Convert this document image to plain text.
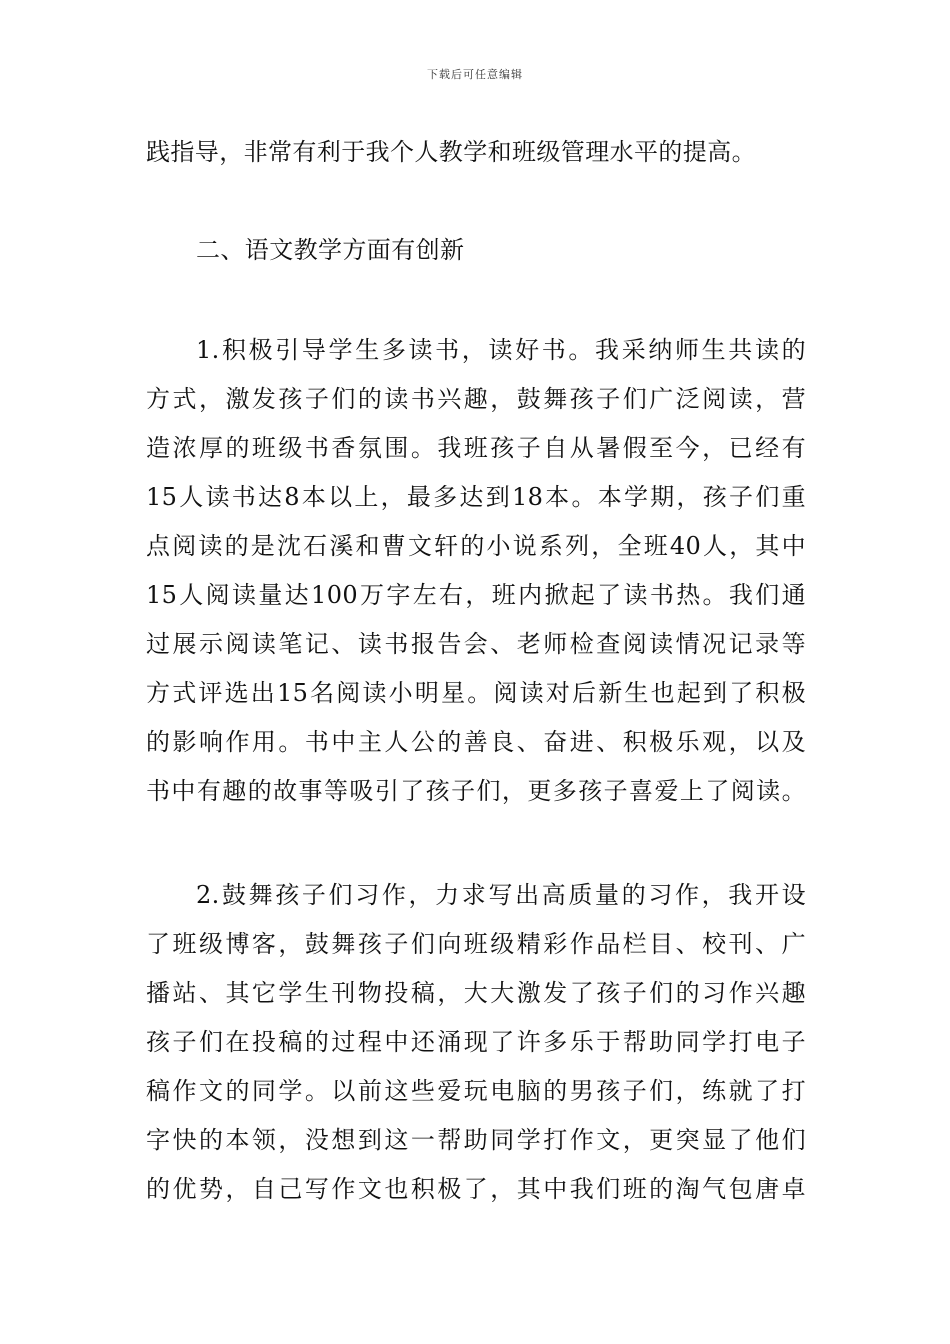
下载后可任意编辑
践指导，非常有利于我个人教学和班级管理水平的提高。
二、语文教学方面有创新
1.积极引导学生多读书，读好书。我采纳师生共读的
方式，激发孩子们的读书兴趣，鼓舞孩子们广泛阅读，营
造浓厚的班级书香氛围。我班孩子自从暑假至今，已经有
15人读书达8本以上，最多达到18本。本学期，孩子们重
点阅读的是沈石溪和曹文轩的小说系列，全班40人，其中
15人阅读量达100万字左右，班内掀起了读书热。我们通
过展示阅读笔记、读书报告会、老师检查阅读情况记录等
方式评选出15名阅读小明星。阅读对后新生也起到了积极
的影响作用。书中主人公的善良、奋进、积极乐观，以及
书中有趣的故事等吸引了孩子们，更多孩子喜爱上了阅读。
2.鼓舞孩子们习作，力求写出高质量的习作，我开设
了班级博客，鼓舞孩子们向班级精彩作品栏目、校刊、广
播站、其它学生刊物投稿，大大激发了孩子们的习作兴趣
孩子们在投稿的过程中还涌现了许多乐于帮助同学打电子
稿作文的同学。以前这些爱玩电脑的男孩子们，练就了打
字快的本领，没想到这一帮助同学打作文，更突显了他们
的优势，自己写作文也积极了，其中我们班的淘气包唐卓
